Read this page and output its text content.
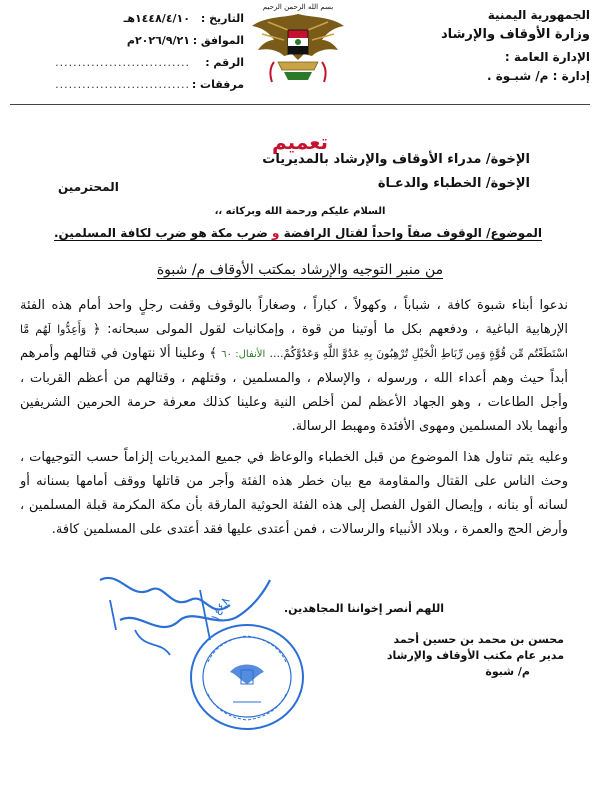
الجمهورية اليمنية
وزارة الأوقاف والإرشاد
الإدارة العامة :
إدارة : م/ شبـوة .
بسم الله الرحمن الرحيم
التاريخ :
١٤٤٨/٤/١٠هـ
الموافق :
٢٠٢٦/٩/٢١م
الرقم :
..............................
مرفقات :
..............................
تعميم
الإخوة/ مدراء الأوقاف والإرشاد بالمديريات
الإخوة/ الخطباء والدعـاة
المحترمين
السلام عليكم ورحمة الله وبركاته ،،
الموضوع/ الوقوف صفاً واحداً لقتال الرافضة و ضرب مكة هو ضرب لكافة المسلمين.
من منبر التوجيه والإرشاد بمكتب الأوقاف م/ شبوة
ندعوا أبناء شبوة كافة ، شباباً ، وكهولاً ، كباراً ، وصغاراً بالوقوف وقفت رجلٍ واحد أمام هذه الفئة الإرهابية الباغية ، ودفعهم بكل ما أوتينا من قوة ، وإمكانيات لقول المولى سبحانه: ﴿ وَأَعِدُّوا لَهُم مَّا اسْتَطَعْتُم مِّن قُوَّةٍ وَمِن رِّبَاطِ الْخَيْلِ تُرْهِبُونَ بِهِ عَدُوَّ اللَّهِ وَعَدُوَّكُمْ.... الأنفال: ٦٠ ﴾ وعلينا ألا نتهاون في قتالهم وأمرهم أبداً حيث وهم أعداء الله ، ورسوله ، والإسلام ، والمسلمين ، وقتلهم ، وقتالهم من أعظم القربات ، وأجل الطاعات ، وهو الجهاد الأعظم لمن أخلص النية وعلينا كذلك معرفة حرمة الحرمين الشريفين وأنهما بلاد المسلمين ومهوى الأفئدة ومهبط الرسالة.
وعليه يتم تناول هذا الموضوع من قبل الخطباء والوعاظ في جميع المديريات إلزاماً حسب التوجيهات ، وحث الناس على القتال والمقاومة مع بيان خطر هذه الفئة وأجر من قاتلها ووقف أمامها بسنانه أو لسانه أو بنانه ، وإيصال القول الفصل إلى هذه الفئة الحوثية المارقة بأن مكة المكرمة قبلة المسلمين ، وأرض الحج والعمرة ، وبلاد الأنبياء والرسالات ، فمن أعتدى عليها فقد أعتدى على المسلمين كافة.
اللهم أنصر إخواننا المجاهدين.
١٤٤٨
محسن بن محمد بن حسين أحمد
مدير عام مكتب الأوقاف والإرشاد
م/ شبوة
